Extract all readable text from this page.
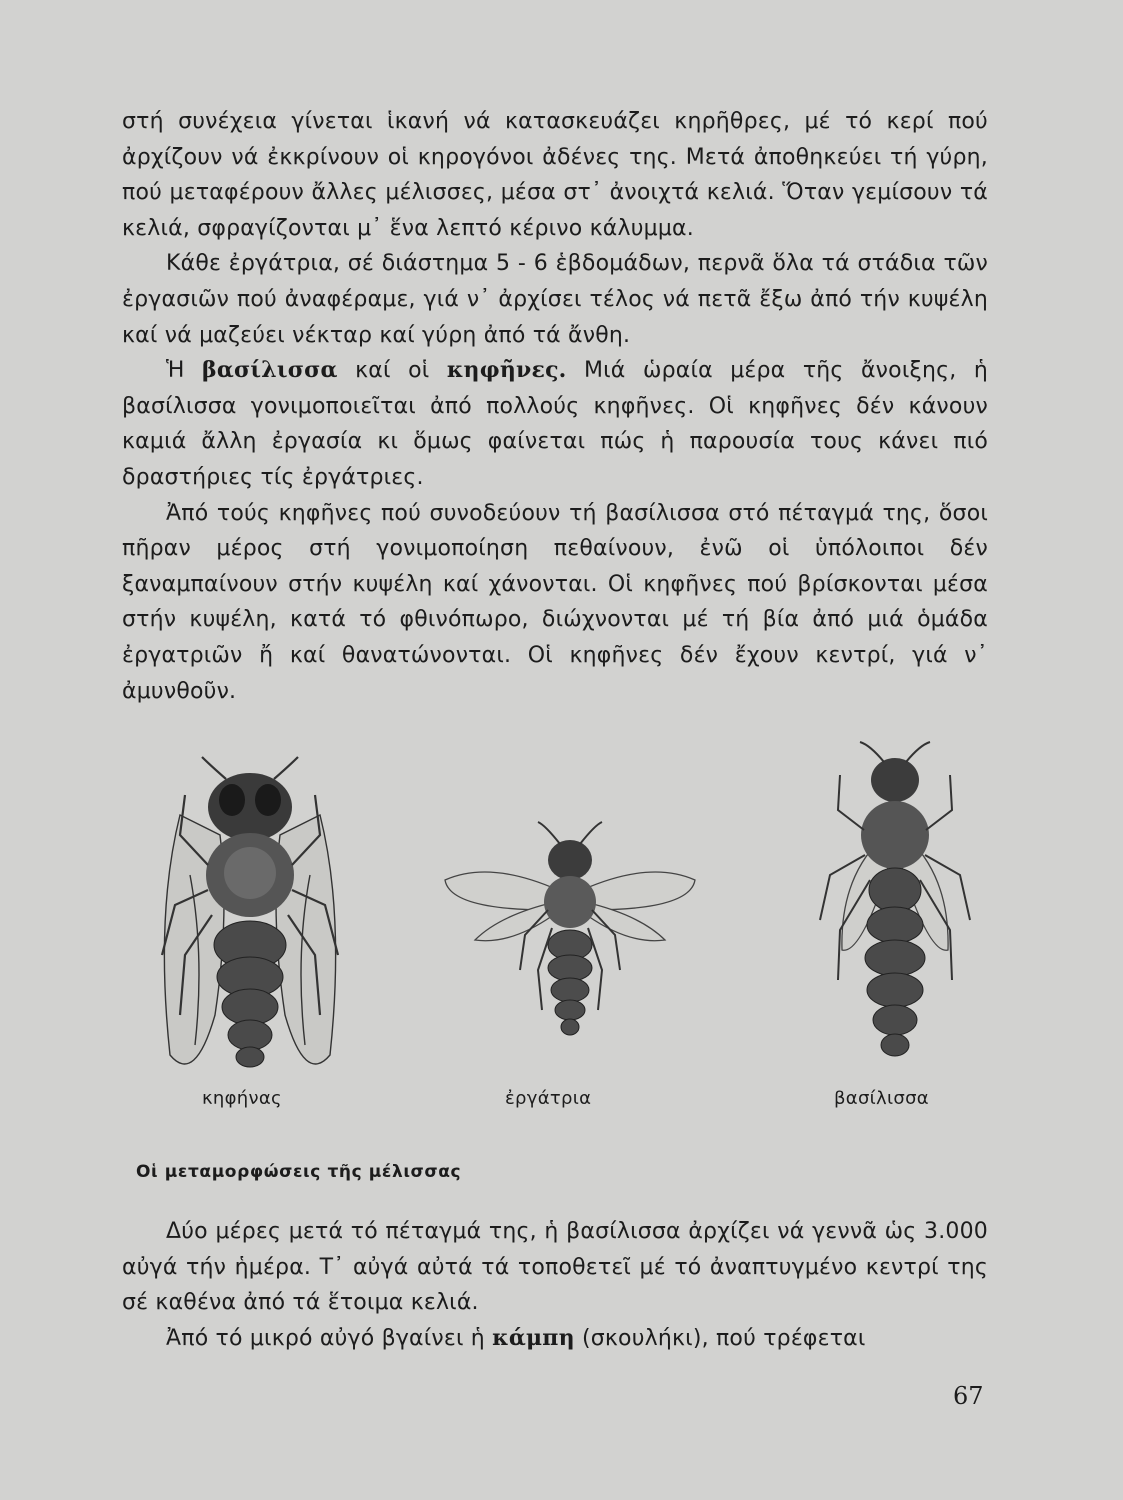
στή συνέχεια γίνεται ἱκανή νά κατασκευάζει κηρῆθρες, μέ τό κερί πού ἀρχίζουν νά ἐκκρίνουν οἱ κηρογόνοι ἀδένες της. Μετά ἀποθηκεύει τή γύρη, πού μεταφέρουν ἄλλες μέλισσες, μέσα στ᾽ ἀνοιχτά κελιά. Ὅταν γεμίσουν τά κελιά, σφραγίζονται μ᾽ ἕνα λεπτό κέρινο κάλυμμα.

Κάθε ἐργάτρια, σέ διάστημα 5 - 6 ἑβδομάδων, περνᾶ ὅλα τά στάδια τῶν ἐργασιῶν πού ἀναφέραμε, γιά ν᾽ ἀρχίσει τέλος νά πετᾶ ἔξω ἀπό τήν κυψέλη καί νά μαζεύει νέκταρ καί γύρη ἀπό τά ἄνθη.

Ἡ βασίλισσα καί οἱ κηφῆνες. Μιά ὡραία μέρα τῆς ἄνοιξης, ἡ βασίλισσα γονιμοποιεῖται ἀπό πολλούς κηφῆνες. Οἱ κηφῆνες δέν κάνουν καμιά ἄλλη ἐργασία κι ὅμως φαίνεται πώς ἡ παρουσία τους κάνει πιό δραστήριες τίς ἐργάτριες.

Ἀπό τούς κηφῆνες πού συνοδεύουν τή βασίλισσα στό πέταγμά της, ὅσοι πῆραν μέρος στή γονιμοποίηση πεθαίνουν, ἐνῶ οἱ ὑπόλοιποι δέν ξαναμπαίνουν στήν κυψέλη καί χάνονται. Οἱ κηφῆνες πού βρίσκονται μέσα στήν κυψέλη, κατά τό φθινόπωρο, διώχνονται μέ τή βία ἀπό μιά ὁμάδα ἐργατριῶν ἤ καί θανατώνονται. Οἱ κηφῆνες δέν ἔχουν κεντρί, γιά ν᾽ ἀμυνθοῦν.

κηφήνας	ἐργάτρια	βασίλισσα
Οἱ μεταμορφώσεις τῆς μέλισσας

Δύο μέρες μετά τό πέταγμά της, ἡ βασίλισσα ἀρχίζει νά γεννᾶ ὡς 3.000 αὐγά τήν ἡμέρα. Τ᾽ αὐγά αὐτά τά τοποθετεῖ μέ τό ἀναπτυγμένο κεντρί της σέ καθένα ἀπό τά ἕτοιμα κελιά.

Ἀπό τό μικρό αὐγό βγαίνει ἡ κάμπη (σκουλήκι), πού τρέφεται

67
